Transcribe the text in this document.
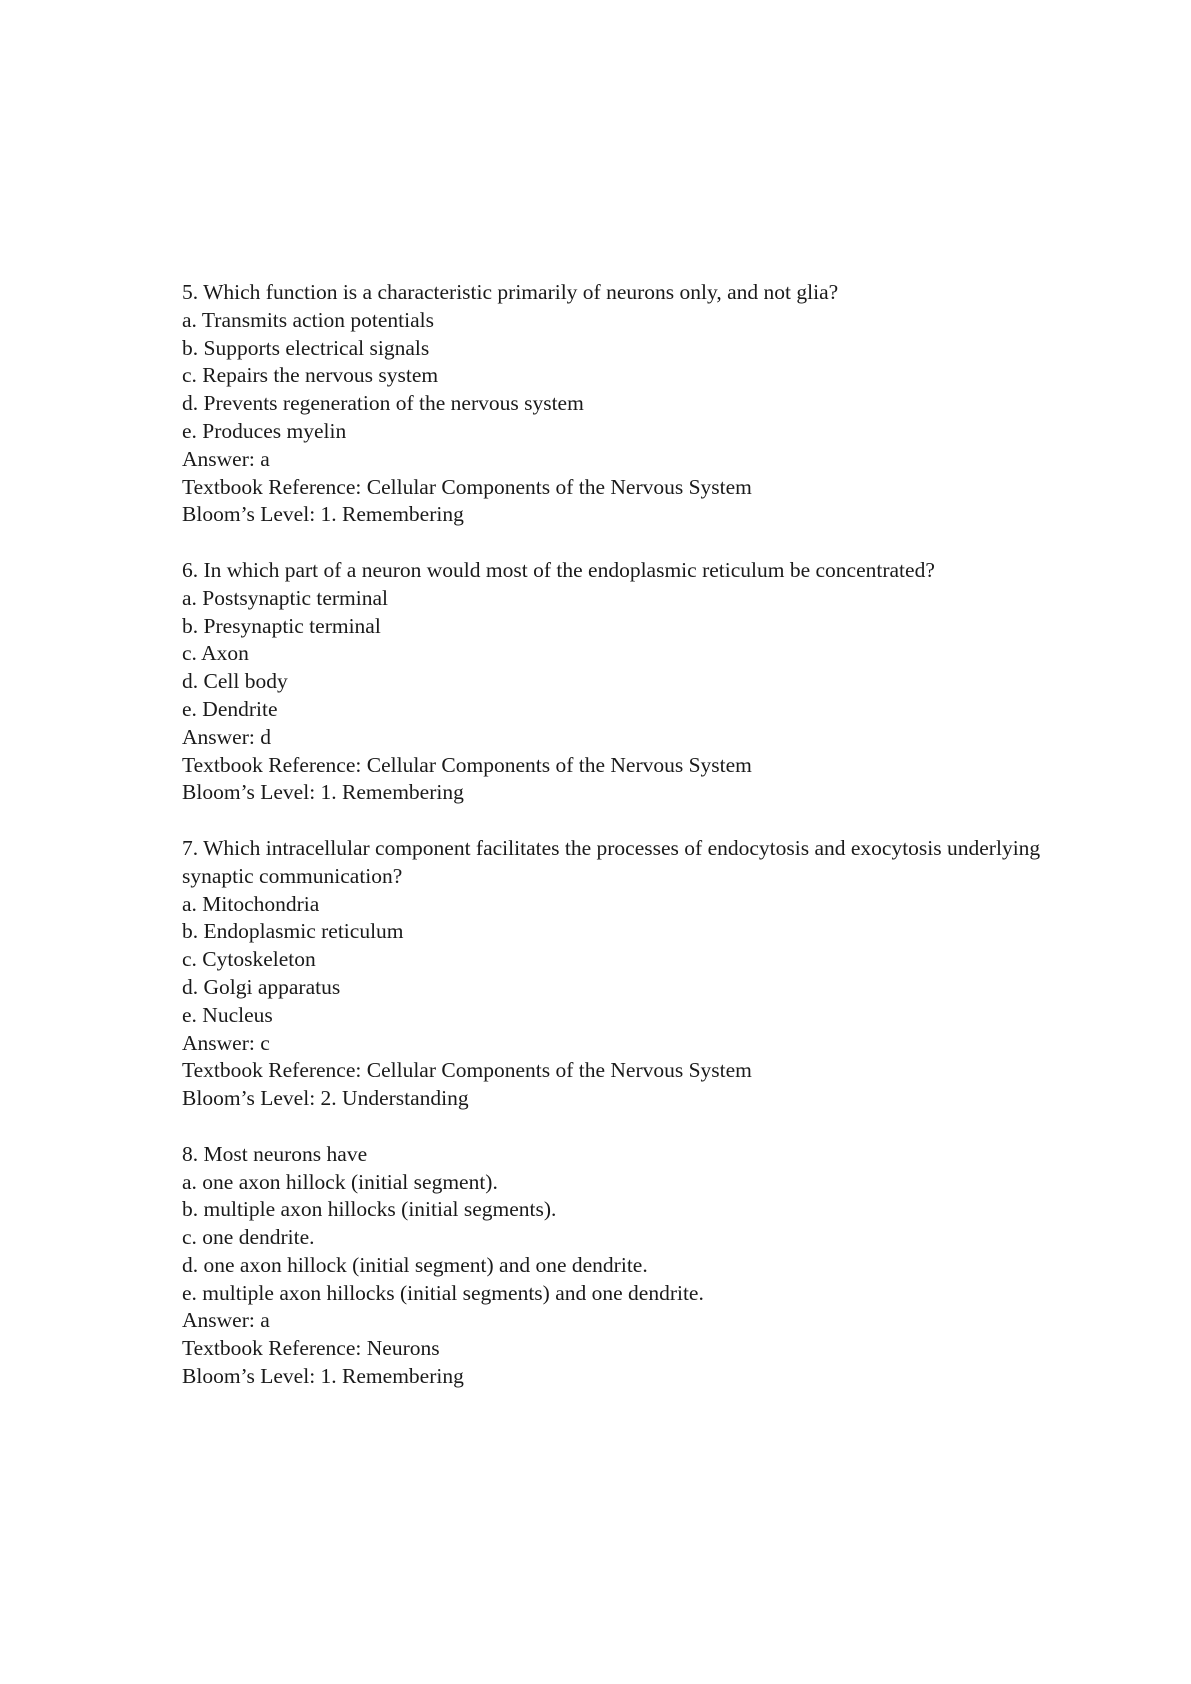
5. Which function is a characteristic primarily of neurons only, and not glia?
a. Transmits action potentials
b. Supports electrical signals
c. Repairs the nervous system
d. Prevents regeneration of the nervous system
e. Produces myelin
Answer: a
Textbook Reference: Cellular Components of the Nervous System
Bloom’s Level: 1. Remembering
6. In which part of a neuron would most of the endoplasmic reticulum be concentrated?
a. Postsynaptic terminal
b. Presynaptic terminal
c. Axon
d. Cell body
e. Dendrite
Answer: d
Textbook Reference: Cellular Components of the Nervous System
Bloom’s Level: 1. Remembering
7. Which intracellular component facilitates the processes of endocytosis and exocytosis underlying synaptic communication?
a. Mitochondria
b. Endoplasmic reticulum
c. Cytoskeleton
d. Golgi apparatus
e. Nucleus
Answer: c
Textbook Reference: Cellular Components of the Nervous System
Bloom’s Level: 2. Understanding
8. Most neurons have
a. one axon hillock (initial segment).
b. multiple axon hillocks (initial segments).
c. one dendrite.
d. one axon hillock (initial segment) and one dendrite.
e. multiple axon hillocks (initial segments) and one dendrite.
Answer: a
Textbook Reference: Neurons
Bloom’s Level: 1. Remembering
